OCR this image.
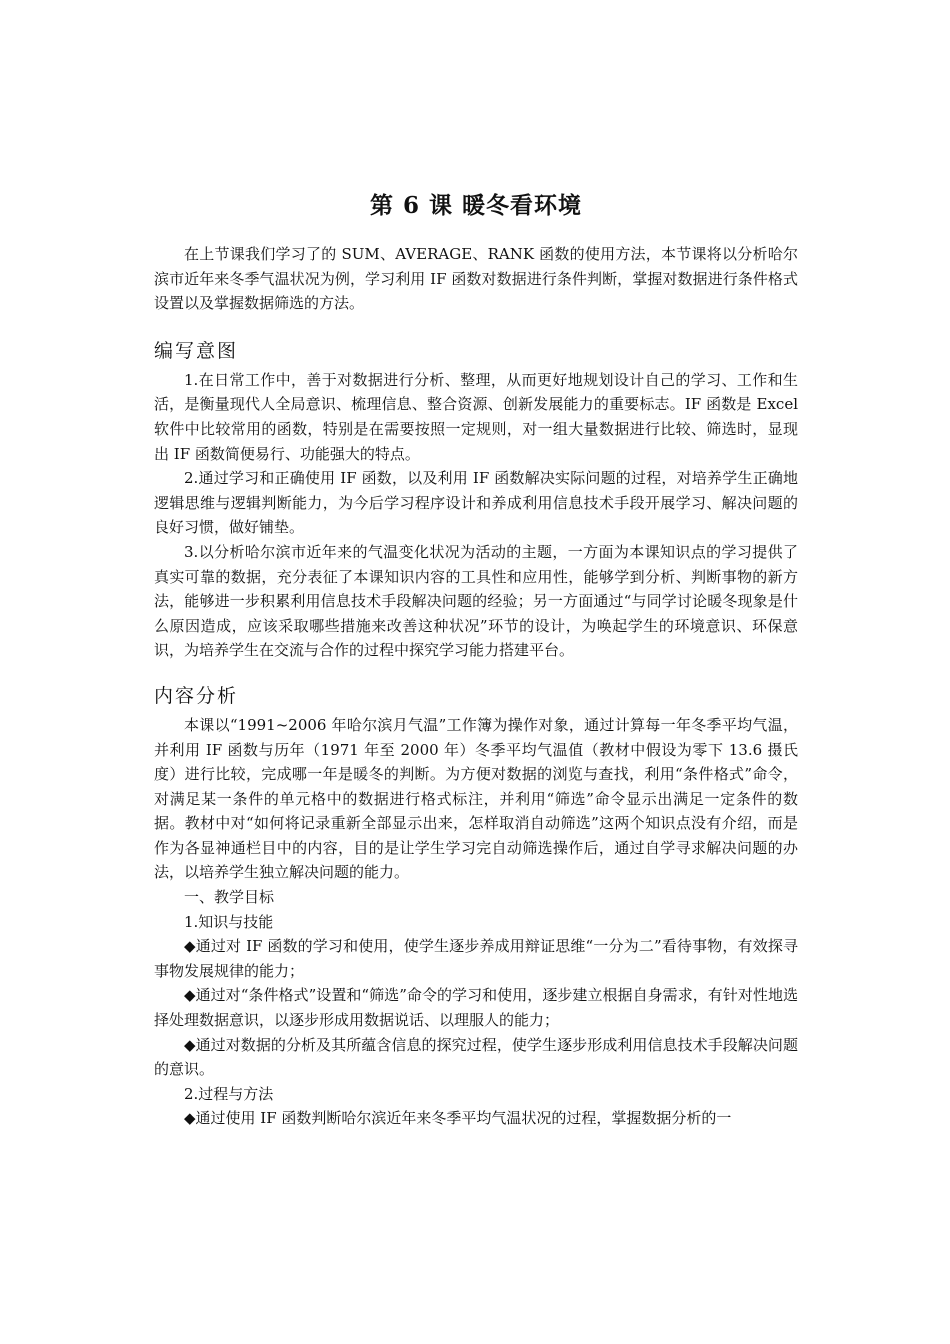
第 6 课 暖冬看环境

在上节课我们学习了的 SUM、AVERAGE、RANK 函数的使用方法，本节课将以分析哈尔滨市近年来冬季气温状况为例，学习利用 IF 函数对数据进行条件判断，掌握对数据进行条件格式设置以及掌握数据筛选的方法。

编写意图

1.在日常工作中，善于对数据进行分析、整理，从而更好地规划设计自己的学习、工作和生活，是衡量现代人全局意识、梳理信息、整合资源、创新发展能力的重要标志。IF 函数是 Excel 软件中比较常用的函数，特别是在需要按照一定规则，对一组大量数据进行比较、筛选时，显现出 IF 函数简便易行、功能强大的特点。

2.通过学习和正确使用 IF 函数，以及利用 IF 函数解决实际问题的过程，对培养学生正确地逻辑思维与逻辑判断能力，为今后学习程序设计和养成利用信息技术手段开展学习、解决问题的良好习惯，做好铺垫。

3.以分析哈尔滨市近年来的气温变化状况为活动的主题，一方面为本课知识点的学习提供了真实可靠的数据，充分表征了本课知识内容的工具性和应用性，能够学到分析、判断事物的新方法，能够进一步积累利用信息技术手段解决问题的经验；另一方面通过“与同学讨论暖冬现象是什么原因造成，应该采取哪些措施来改善这种状况”环节的设计，为唤起学生的环境意识、环保意识，为培养学生在交流与合作的过程中探究学习能力搭建平台。

内容分析

本课以“1991~2006 年哈尔滨月气温”工作簿为操作对象，通过计算每一年冬季平均气温，并利用 IF 函数与历年（1971 年至 2000 年）冬季平均气温值（教材中假设为零下 13.6 摄氏度）进行比较，完成哪一年是暖冬的判断。为方便对数据的浏览与查找，利用“条件格式”命令，对满足某一条件的单元格中的数据进行格式标注，并利用“筛选”命令显示出满足一定条件的数据。教材中对“如何将记录重新全部显示出来，怎样取消自动筛选”这两个知识点没有介绍，而是作为各显神通栏目中的内容，目的是让学生学习完自动筛选操作后，通过自学寻求解决问题的办法，以培养学生独立解决问题的能力。

一、教学目标

1.知识与技能

◆通过对 IF 函数的学习和使用，使学生逐步养成用辩证思维“一分为二”看待事物，有效探寻事物发展规律的能力；

◆通过对“条件格式”设置和“筛选”命令的学习和使用，逐步建立根据自身需求，有针对性地选择处理数据意识，以逐步形成用数据说话、以理服人的能力；

◆通过对数据的分析及其所蕴含信息的探究过程，使学生逐步形成利用信息技术手段解决问题的意识。

2.过程与方法

◆通过使用 IF 函数判断哈尔滨近年来冬季平均气温状况的过程，掌握数据分析的一
